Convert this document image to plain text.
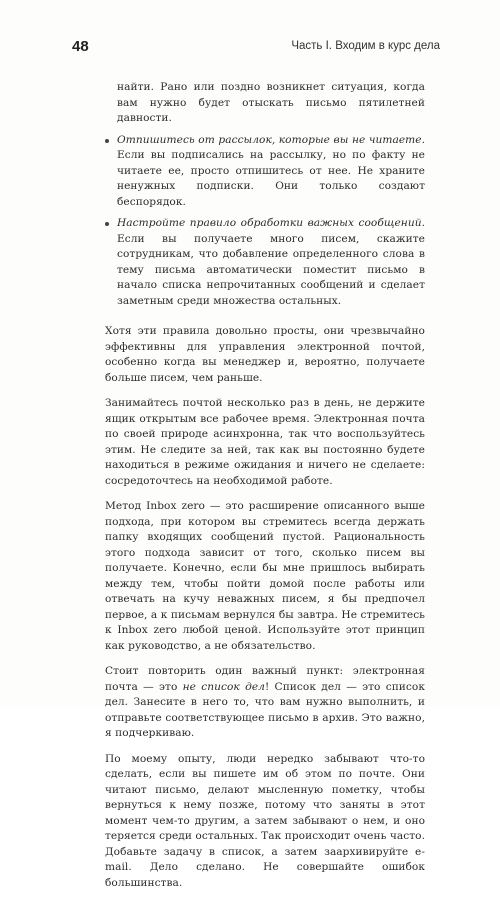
48	Часть I. Входим в курс дела
найти. Рано или поздно возникнет ситуация, когда вам нужно будет отыскать письмо пятилетней давности.
Отпишитесь от рассылок, которые вы не читаете. Если вы подписались на рассылку, но по факту не читаете ее, просто отпишитесь от нее. Не храните ненужных подписки. Они только создают беспорядок.
Настройте правило обработки важных сообщений. Если вы получаете много писем, скажите сотрудникам, что добавление определенного слова в тему письма автоматически поместит письмо в начало списка непрочитанных сообщений и сделает заметным среди множества остальных.

Хотя эти правила довольно просты, они чрезвычайно эффективны для управления электронной почтой, особенно когда вы менеджер и, вероятно, получаете больше писем, чем раньше.

Занимайтесь почтой несколько раз в день, не держите ящик открытым все рабочее время. Электронная почта по своей природе асинхронна, так что воспользуйтесь этим. Не следите за ней, так как вы постоянно будете находиться в режиме ожидания и ничего не сделаете: сосредоточтесь на необходимой работе.

Метод Inbox zero — это расширение описанного выше подхода, при котором вы стремитесь всегда держать папку входящих сообщений пустой. Рациональность этого подхода зависит от того, сколько писем вы получаете. Конечно, если бы мне пришлось выбирать между тем, чтобы пойти домой после работы или отвечать на кучу неважных писем, я бы предпочел первое, а к письмам вернулся бы завтра. Не стремитесь к Inbox zero любой ценой. Используйте этот принцип как руководство, а не обязательство.

Стоит повторить один важный пункт: электронная почта — это не список дел! Список дел — это список дел. Занесите в него то, что вам нужно выполнить, и отправьте соответствующее письмо в архив. Это важно, я подчеркиваю.

По моему опыту, люди нередко забывают что-то сделать, если вы пишете им об этом по почте. Они читают письмо, делают мысленную пометку, чтобы вернуться к нему позже, потому что заняты в этот момент чем-то другим, а затем забывают о нем, и оно теряется среди остальных. Так происходит очень часто. Добавьте задачу в список, а затем заархивируйте e-mail. Дело сделано. Не совершайте ошибок большинства.
